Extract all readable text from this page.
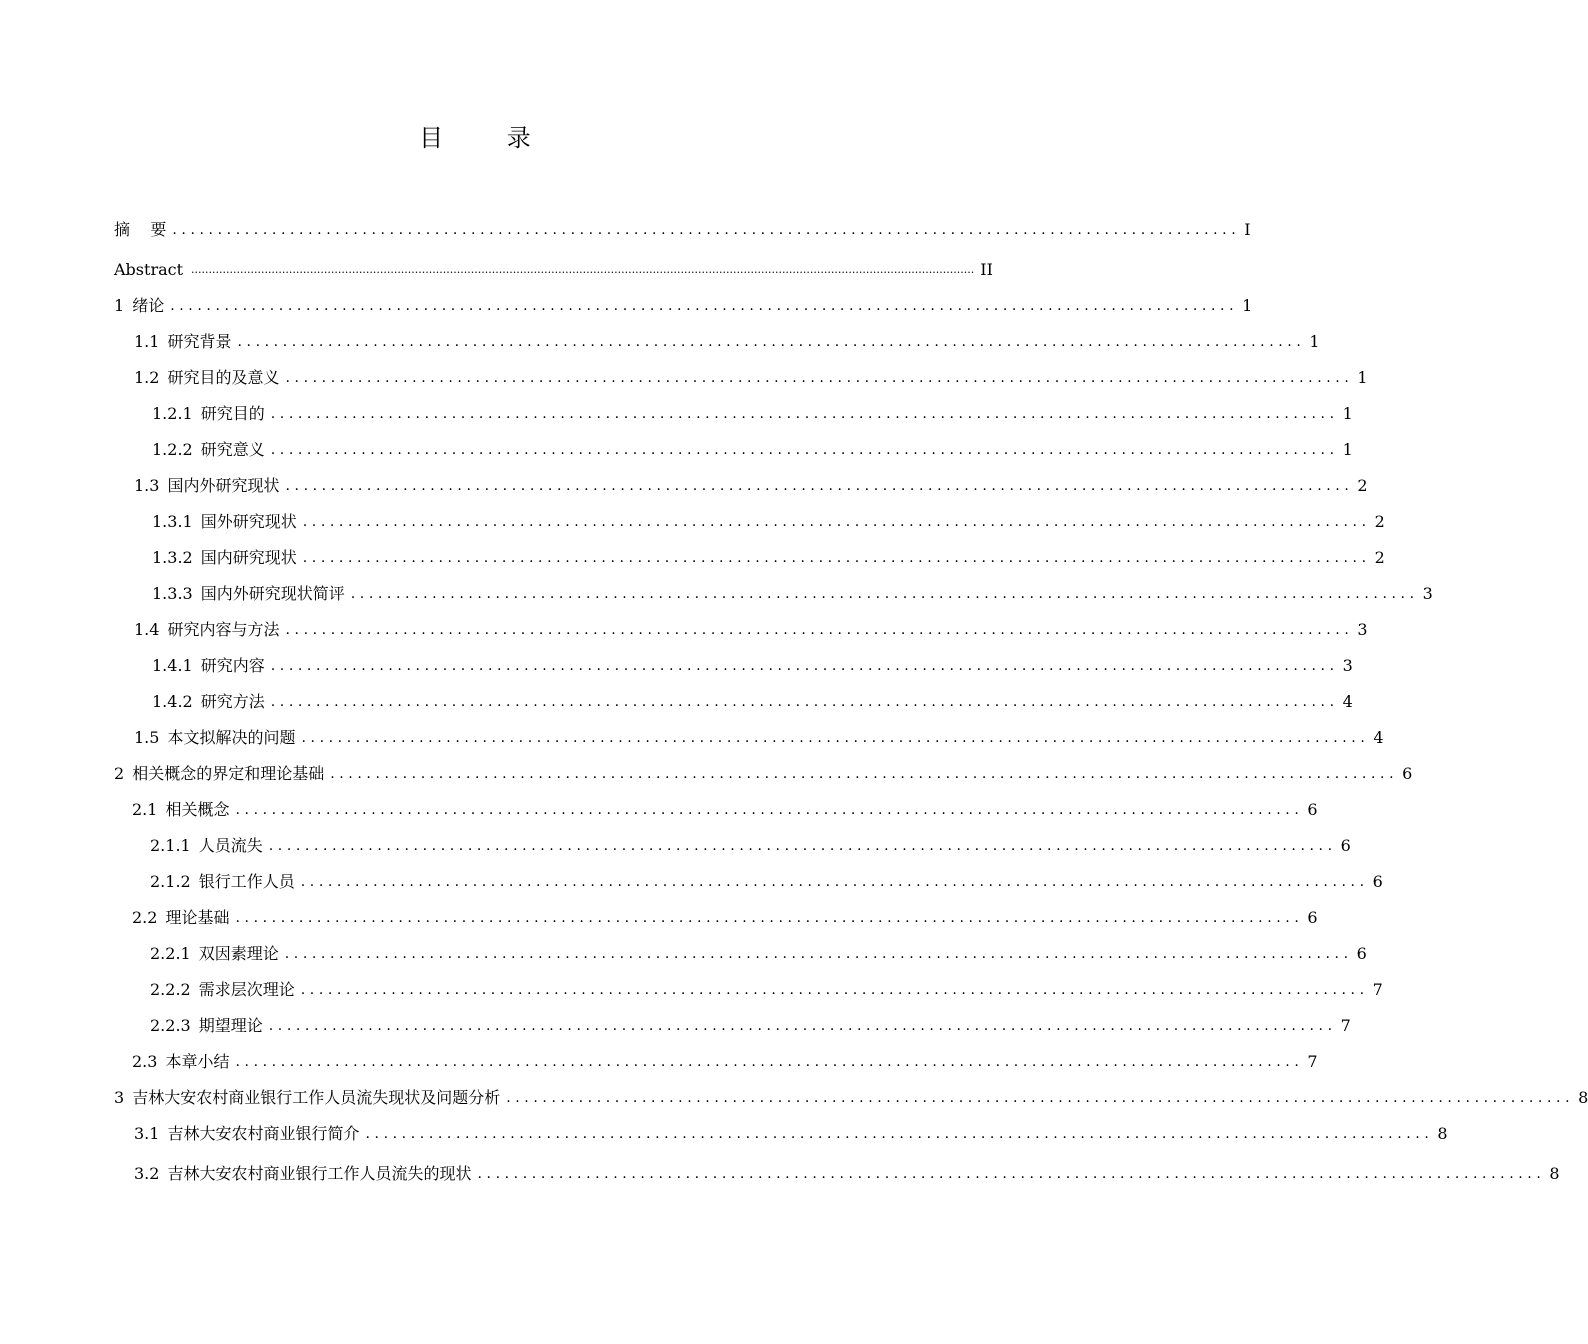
目 录
摘    要 ...................................................................................................................... I
Abstract ................................................................................................................................................................................................................................ II
1 绪论 ...................................................................................................................... 1
1.1 研究背景 ...................................................................................................................... 1
1.2 研究目的及意义 ...................................................................................................................... 1
1.2.1 研究目的 ...................................................................................................................... 1
1.2.2 研究意义 ...................................................................................................................... 1
1.3 国内外研究现状 ...................................................................................................................... 2
1.3.1 国外研究现状 ...................................................................................................................... 2
1.3.2 国内研究现状 ...................................................................................................................... 2
1.3.3 国内外研究现状简评 ...................................................................................................................... 3
1.4 研究内容与方法 ...................................................................................................................... 3
1.4.1 研究内容 ...................................................................................................................... 3
1.4.2 研究方法 ...................................................................................................................... 4
1.5 本文拟解决的问题 ...................................................................................................................... 4
2 相关概念的界定和理论基础 ...................................................................................................................... 6
2.1 相关概念 ...................................................................................................................... 6
2.1.1 人员流失 ...................................................................................................................... 6
2.1.2 银行工作人员 ...................................................................................................................... 6
2.2 理论基础 ...................................................................................................................... 6
2.2.1 双因素理论 ...................................................................................................................... 6
2.2.2 需求层次理论 ...................................................................................................................... 7
2.2.3 期望理论 ...................................................................................................................... 7
2.3 本章小结 ...................................................................................................................... 7
3 吉林大安农村商业银行工作人员流失现状及问题分析 ...................................................................................................................... 8
3.1 吉林大安农村商业银行简介 ...................................................................................................................... 8
3.2 吉林大安农村商业银行工作人员流失的现状 ...................................................................................................................... 8
